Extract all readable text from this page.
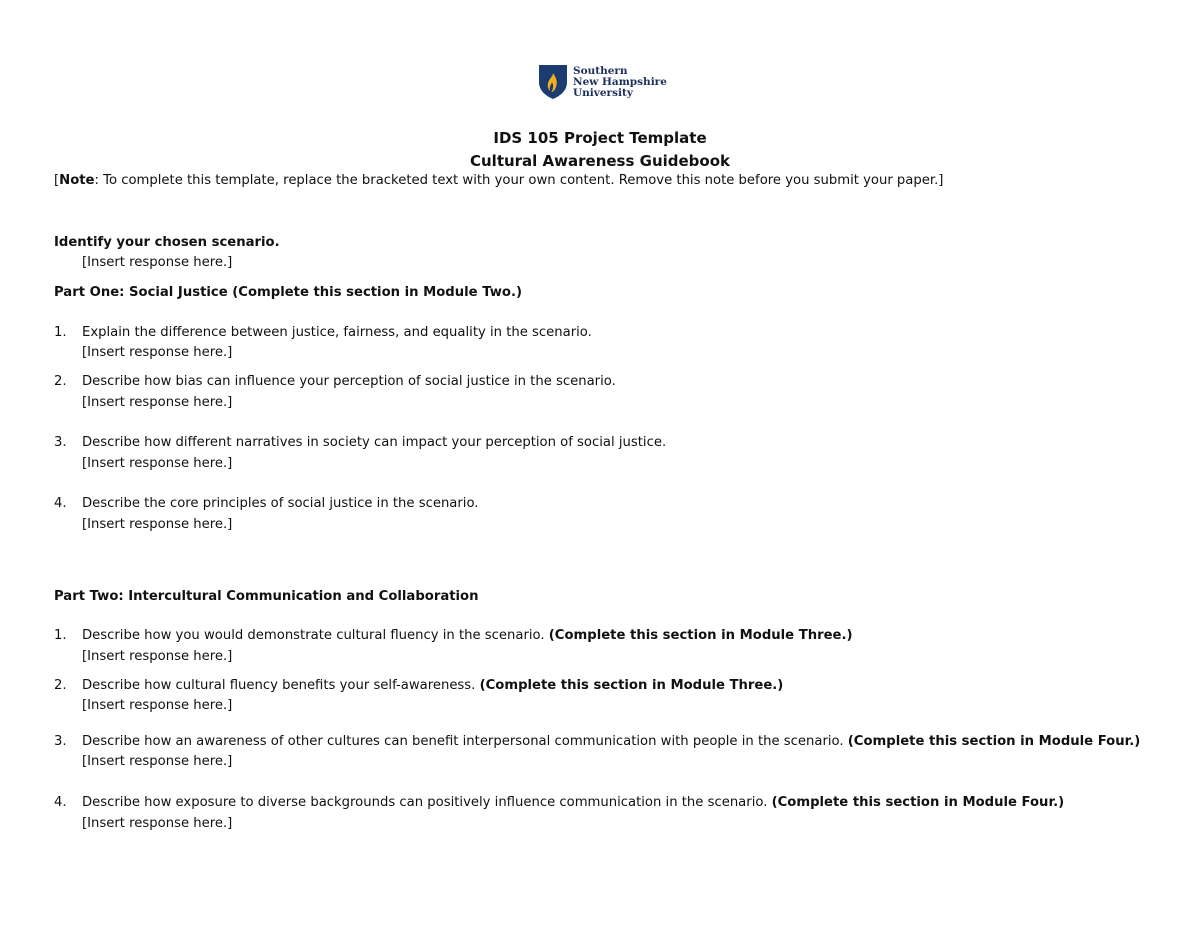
Southern
New Hampshire
University
IDS 105 Project Template
Cultural Awareness Guidebook
[Note: To complete this template, replace the bracketed text with your own content. Remove this note before you submit your paper.]
Identify your chosen scenario.
[Insert response here.]
Part One: Social Justice (Complete this section in Module Two.)
1. Explain the difference between justice, fairness, and equality in the scenario.
[Insert response here.]
2. Describe how bias can influence your perception of social justice in the scenario.
[Insert response here.]
3. Describe how different narratives in society can impact your perception of social justice.
[Insert response here.]
4. Describe the core principles of social justice in the scenario.
[Insert response here.]
Part Two: Intercultural Communication and Collaboration
1. Describe how you would demonstrate cultural fluency in the scenario. (Complete this section in Module Three.)
[Insert response here.]
2. Describe how cultural fluency benefits your self-awareness. (Complete this section in Module Three.)
[Insert response here.]
3. Describe how an awareness of other cultures can benefit interpersonal communication with people in the scenario. (Complete this section in Module Four.)
[Insert response here.]
4. Describe how exposure to diverse backgrounds can positively influence communication in the scenario. (Complete this section in Module Four.)
[Insert response here.]
